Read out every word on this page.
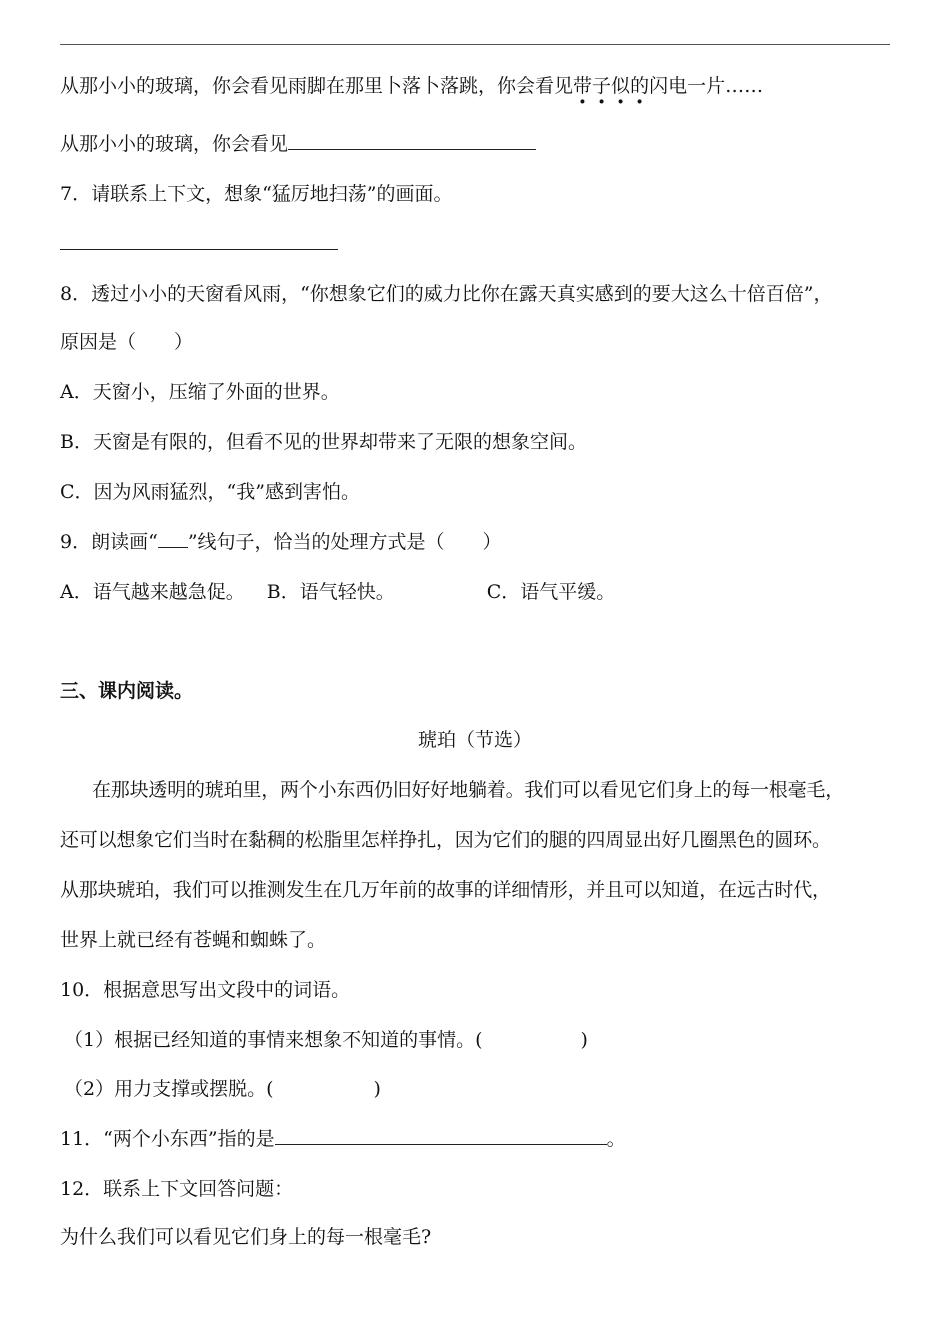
从那小小的玻璃，你会看见雨脚在那里卜落卜落跳，你会看见带子似的闪电一片……
从那小小的玻璃，你会看见
7．请联系上下文，想象“猛厉地扫荡”的画面。
8．透过小小的天窗看风雨，“你想象它们的威力比你在露天真实感到的要大这么十倍百倍”，
原因是（　　）
A．天窗小，压缩了外面的世界。
B．天窗是有限的，但看不见的世界却带来了无限的想象空间。
C．因为风雨猛烈，“我”感到害怕。
9．朗读画“ ”线句子，恰当的处理方式是（　　）
A．语气越来越急促。 B．语气轻快。	C．语气平缓。
三、课内阅读。
琥珀（节选）
在那块透明的琥珀里，两个小东西仍旧好好地躺着。我们可以看见它们身上的每一根毫毛，
还可以想象它们当时在黏稠的松脂里怎样挣扎，因为它们的腿的四周显出好几圈黑色的圆环。
从那块琥珀，我们可以推测发生在几万年前的故事的详细情形，并且可以知道，在远古时代，
世界上就已经有苍蝇和蜘蛛了。
10．根据意思写出文段中的词语。
（1）根据已经知道的事情来想象不知道的事情。(	)
（2）用力支撑或摆脱。(	)
11．“两个小东西”指的是	。
12．联系上下文回答问题：
为什么我们可以看见它们身上的每一根毫毛?
